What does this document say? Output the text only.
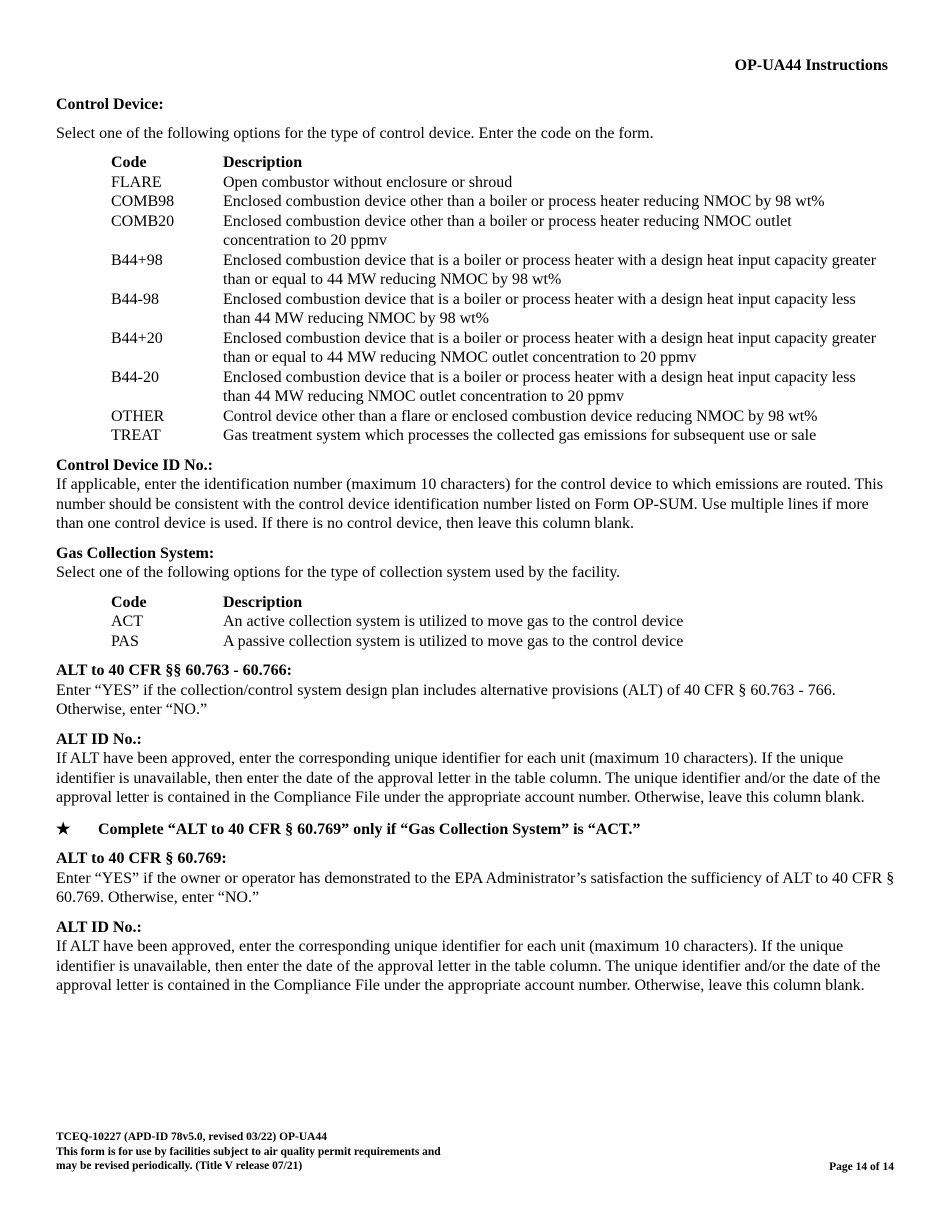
OP-UA44 Instructions

Control Device:

Select one of the following options for the type of control device. Enter the code on the form.

Code	Description
FLARE	Open combustor without enclosure or shroud
COMB98	Enclosed combustion device other than a boiler or process heater reducing NMOC by 98 wt%
COMB20	Enclosed combustion device other than a boiler or process heater reducing NMOC outlet concentration to 20 ppmv
B44+98	Enclosed combustion device that is a boiler or process heater with a design heat input capacity greater than or equal to 44 MW reducing NMOC by 98 wt%
B44-98	Enclosed combustion device that is a boiler or process heater with a design heat input capacity less than 44 MW reducing NMOC by 98 wt%
B44+20	Enclosed combustion device that is a boiler or process heater with a design heat input capacity greater than or equal to 44 MW reducing NMOC outlet concentration to 20 ppmv
B44-20	Enclosed combustion device that is a boiler or process heater with a design heat input capacity less than 44 MW reducing NMOC outlet concentration to 20 ppmv
OTHER	Control device other than a flare or enclosed combustion device reducing NMOC by 98 wt%
TREAT	Gas treatment system which processes the collected gas emissions for subsequent use or sale

Control Device ID No.:

If applicable, enter the identification number (maximum 10 characters) for the control device to which emissions are routed. This number should be consistent with the control device identification number listed on Form OP-SUM. Use multiple lines if more than one control device is used. If there is no control device, then leave this column blank.

Gas Collection System:

Select one of the following options for the type of collection system used by the facility.

Code	Description
ACT	An active collection system is utilized to move gas to the control device
PAS	A passive collection system is utilized to move gas to the control device

ALT to 40 CFR §§ 60.763 - 60.766:

Enter “YES” if the collection/control system design plan includes alternative provisions (ALT) of 40 CFR § 60.763 - 766. Otherwise, enter “NO.”

ALT ID No.:

If ALT have been approved, enter the corresponding unique identifier for each unit (maximum 10 characters). If the unique identifier is unavailable, then enter the date of the approval letter in the table column. The unique identifier and/or the date of the approval letter is contained in the Compliance File under the appropriate account number. Otherwise, leave this column blank.

★	Complete “ALT to 40 CFR § 60.769” only if “Gas Collection System” is “ACT.”

ALT to 40 CFR § 60.769:

Enter “YES” if the owner or operator has demonstrated to the EPA Administrator’s satisfaction the sufficiency of ALT to 40 CFR § 60.769. Otherwise, enter “NO.”

ALT ID No.:

If ALT have been approved, enter the corresponding unique identifier for each unit (maximum 10 characters). If the unique identifier is unavailable, then enter the date of the approval letter in the table column. The unique identifier and/or the date of the approval letter is contained in the Compliance File under the appropriate account number. Otherwise, leave this column blank.

TCEQ-10227 (APD-ID 78v5.0, revised 03/22) OP-UA44
This form is for use by facilities subject to air quality permit requirements and
may be revised periodically. (Title V release 07/21)	Page 14 of 14
